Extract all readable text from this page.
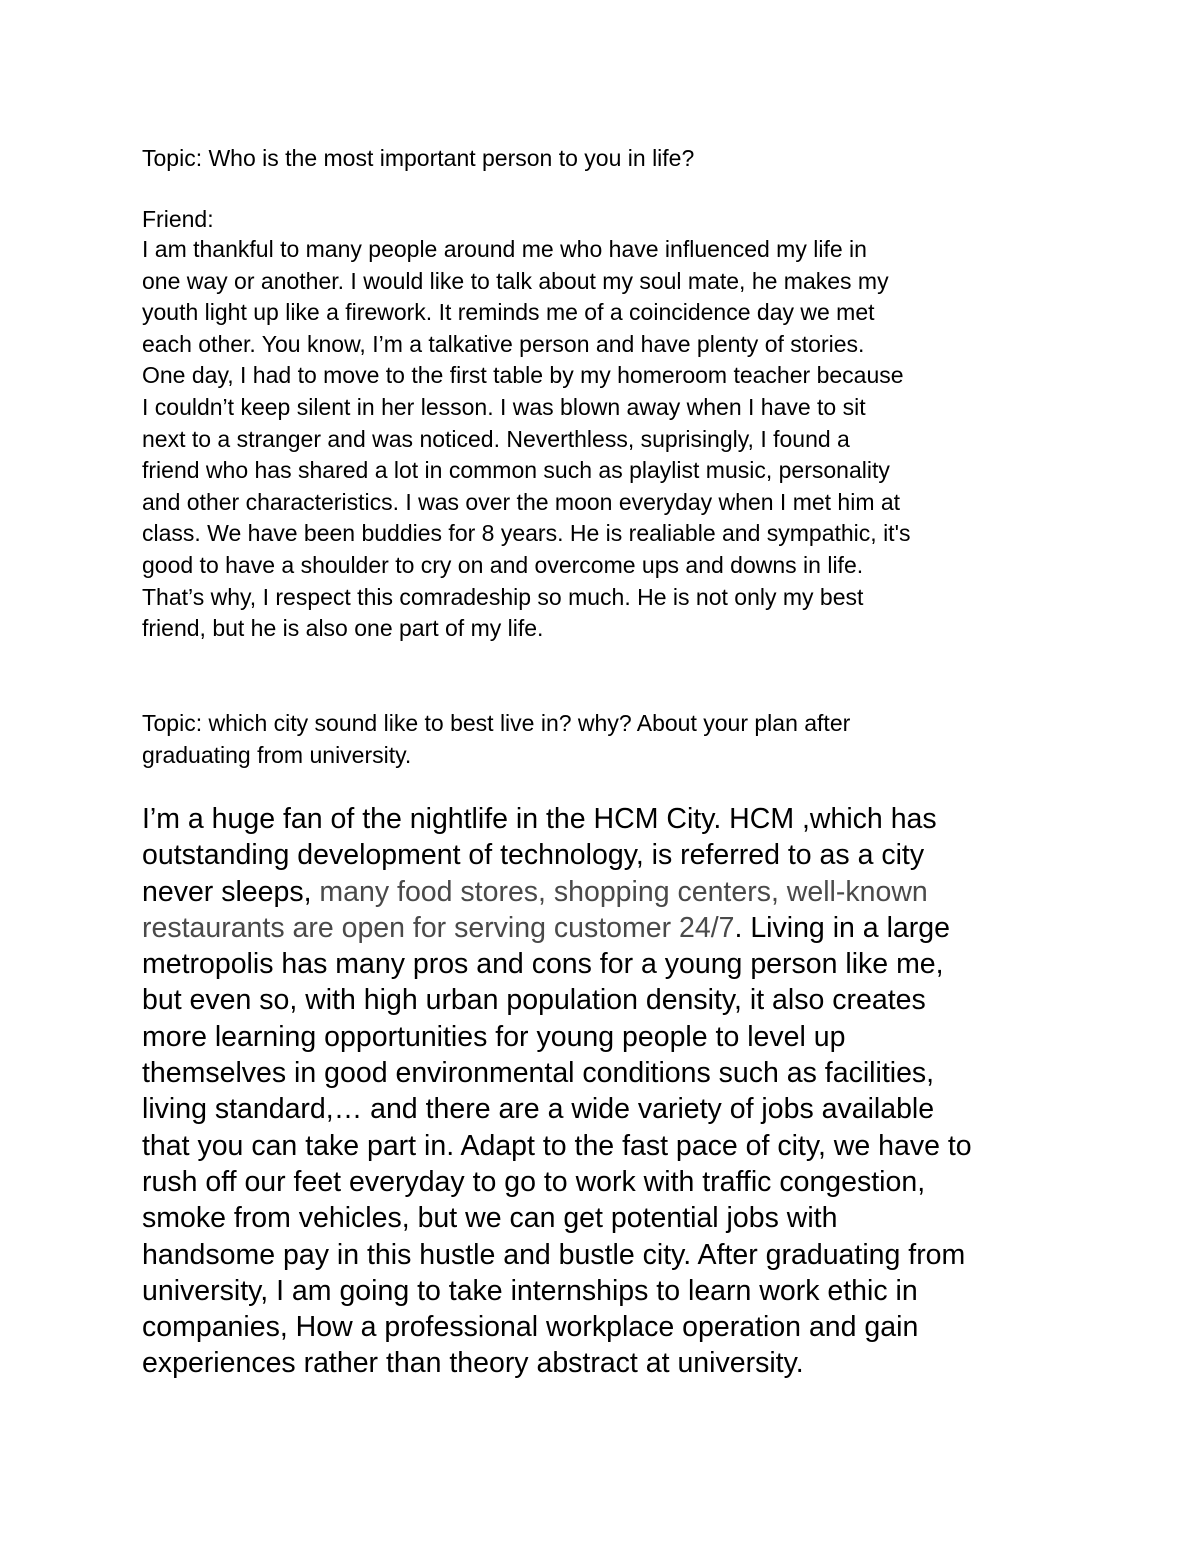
Topic: Who is the most important person to you in life?

Friend:

I am thankful to many people around me who have influenced my life in
one way or another. I would like to talk about my soul mate, he makes my
youth light up like a firework. It reminds me of a coincidence day we met
each other. You know, I’m a talkative person and have plenty of stories.
One day, I had to move to the first table by my homeroom teacher because
I couldn’t keep silent in her lesson. I was blown away when I have to sit
next to a stranger and was noticed. Neverthless, suprisingly, I found a
friend who has shared a lot in common such as playlist music, personality
and other characteristics. I was over the moon everyday when I met him at
class. We have been buddies for 8 years. He is realiable and sympathic, it's
good to have a shoulder to cry on and overcome ups and downs in life.
That’s why, I respect this comradeship so much. He is not only my best
friend, but he is also one part of my life.
Topic: which city sound like to best live in? why? About your plan after
graduating from university.
I’m a huge fan of the nightlife in the HCM City. HCM ,which has
outstanding development of technology, is referred to as a city
never sleeps, many food stores, shopping centers, well-known
restaurants are open for serving customer 24/7. Living in a large
metropolis has many pros and cons for a young person like me,
but even so, with high urban population density, it also creates
more learning opportunities for young people to level up
themselves in good environmental conditions such as facilities,
living standard,… and there are a wide variety of jobs available
that you can take part in. Adapt to the fast pace of city, we have to
rush off our feet everyday to go to work with traffic congestion,
smoke from vehicles, but we can get potential jobs with
handsome pay in this hustle and bustle city. After graduating from
university, I am going to take internships to learn work ethic in
companies, How a professional workplace operation and gain
experiences rather than theory abstract at university.
